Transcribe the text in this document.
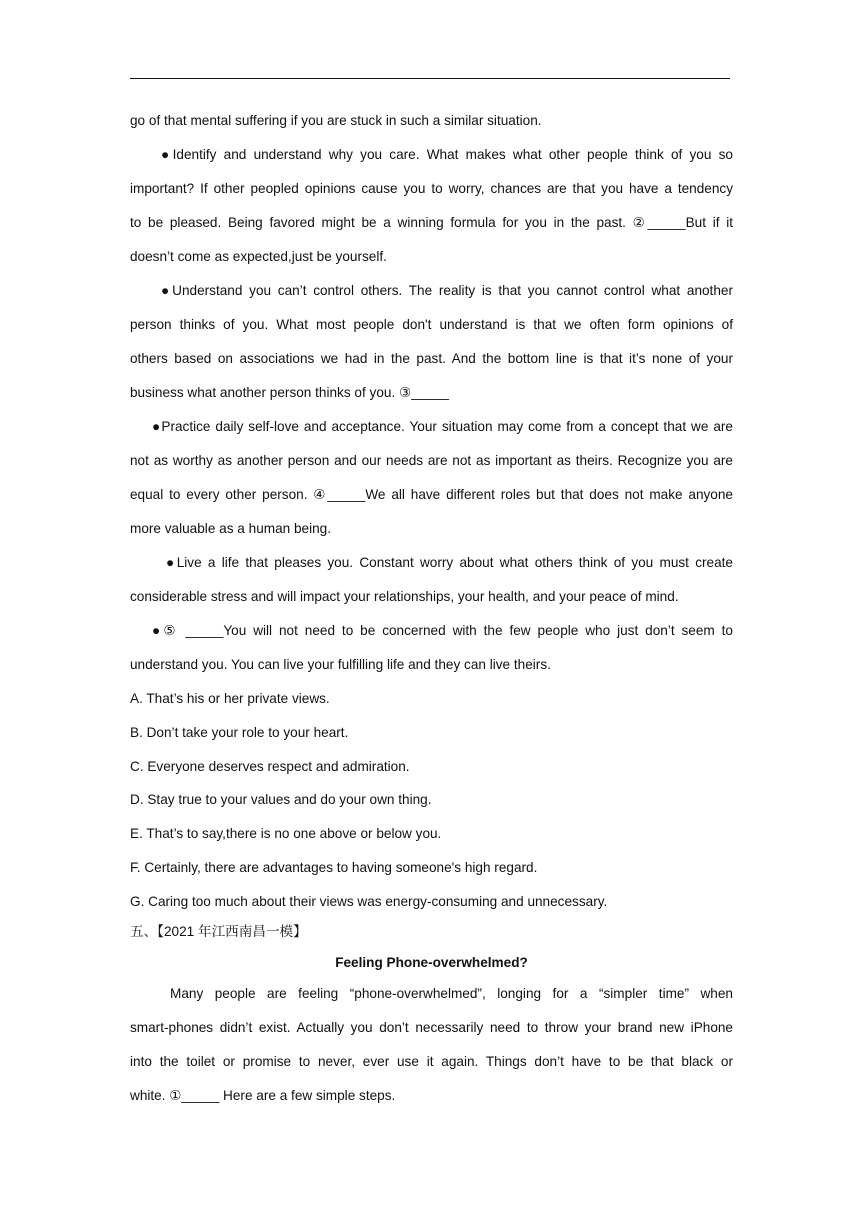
go of that mental suffering if you are stuck in such a similar situation.
●Identify and understand why you care. What makes what other people think of you so
important? If other peopled opinions cause you to worry, chances are that you have a tendency
to be pleased. Being favored might be a winning formula for you in the past. ②_____But if it
doesn’t come as expected,just be yourself.
●Understand you can’t control others. The reality is that you cannot control what another
person thinks of you. What most people don't understand is that we often form opinions of
others based on associations we had in the past. And the bottom line is that it’s none of your
business what another person thinks of you. ③_____
●Practice daily self-love and acceptance. Your situation may come from a concept that we are
not as worthy as another person and our needs are not as important as theirs. Recognize you are
equal to every other person. ④_____We all have different roles but that does not make anyone
more valuable as a human being.
●Live a life that pleases you. Constant worry about what others think of you must create
considerable stress and will impact your relationships, your health, and your peace of mind.
●⑤ _____You will not need to be concerned with the few people who just don’t seem to
understand you. You can live your fulfilling life and they can live theirs.
A. That’s his or her private views.
B. Don’t take your role to your heart.
C. Everyone deserves respect and admiration.
D. Stay true to your values and do your own thing.
E. That’s to say,there is no one above or below you.
F. Certainly, there are advantages to having someone's high regard.
G. Caring too much about their views was energy-consuming and unnecessary.
五、【2021 年江西南昌一模】
Feeling Phone-overwhelmed?
Many people are feeling “phone-overwhelmed”, longing for a “simpler time” when
smart-phones didn’t exist. Actually you don’t necessarily need to throw your brand new iPhone
into the toilet or promise to never, ever use it again. Things don’t have to be that black or
white. ①_____ Here are a few simple steps.
